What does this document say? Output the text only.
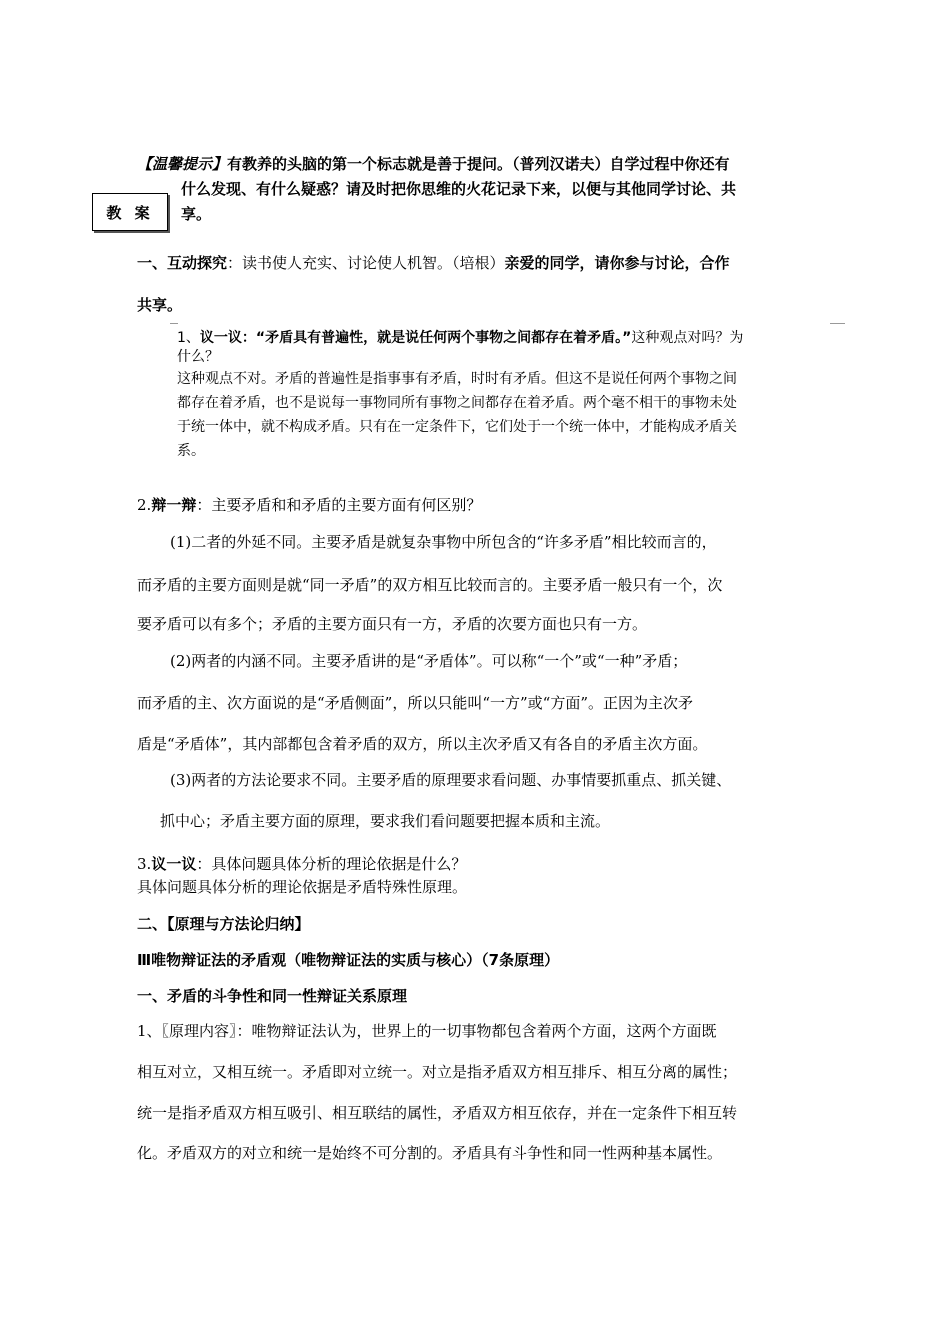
【温馨提示】有教养的头脑的第一个标志就是善于提问。（普列汉诺夫）自学过程中你还有
什么发现、有什么疑惑？请及时把你思维的火花记录下来，以便与其他同学讨论、共
享。
教 案
一、互动探究：读书使人充实、讨论使人机智。（培根）亲爱的同学，请你参与讨论，合作
共享。
1、议一议：“矛盾具有普遍性，就是说任何两个事物之间都存在着矛盾。”这种观点对吗？为
什么？
这种观点不对。矛盾的普遍性是指事事有矛盾，时时有矛盾。但这不是说任何两个事物之间
都存在着矛盾，也不是说每一事物同所有事物之间都存在着矛盾。两个毫不相干的事物未处
于统一体中，就不构成矛盾。只有在一定条件下，它们处于一个统一体中，才能构成矛盾关
系。
2.辩一辩：主要矛盾和和矛盾的主要方面有何区别？
(1)二者的外延不同。主要矛盾是就复杂事物中所包含的“许多矛盾”相比较而言的，
而矛盾的主要方面则是就“同一矛盾”的双方相互比较而言的。主要矛盾一般只有一个，次
要矛盾可以有多个；矛盾的主要方面只有一方，矛盾的次要方面也只有一方。
(2)两者的内涵不同。主要矛盾讲的是“矛盾体”。可以称“一个”或“一种”矛盾；
而矛盾的主、次方面说的是“矛盾侧面”，所以只能叫“一方”或“方面”。正因为主次矛
盾是“矛盾体”，其内部都包含着矛盾的双方，所以主次矛盾又有各自的矛盾主次方面。
(3)两者的方法论要求不同。主要矛盾的原理要求看问题、办事情要抓重点、抓关键、
抓中心；矛盾主要方面的原理，要求我们看问题要把握本质和主流。
3.议一议：具体问题具体分析的理论依据是什么？
具体问题具体分析的理论依据是矛盾特殊性原理。
二、【原理与方法论归纳】
Ⅲ唯物辩证法的矛盾观（唯物辩证法的实质与核心）（7条原理）
一、矛盾的斗争性和同一性辩证关系原理
1、〖原理内容〗：唯物辩证法认为，世界上的一切事物都包含着两个方面，这两个方面既
相互对立，又相互统一。矛盾即对立统一。对立是指矛盾双方相互排斥、相互分离的属性；
统一是指矛盾双方相互吸引、相互联结的属性，矛盾双方相互依存，并在一定条件下相互转
化。矛盾双方的对立和统一是始终不可分割的。矛盾具有斗争性和同一性两种基本属性。
